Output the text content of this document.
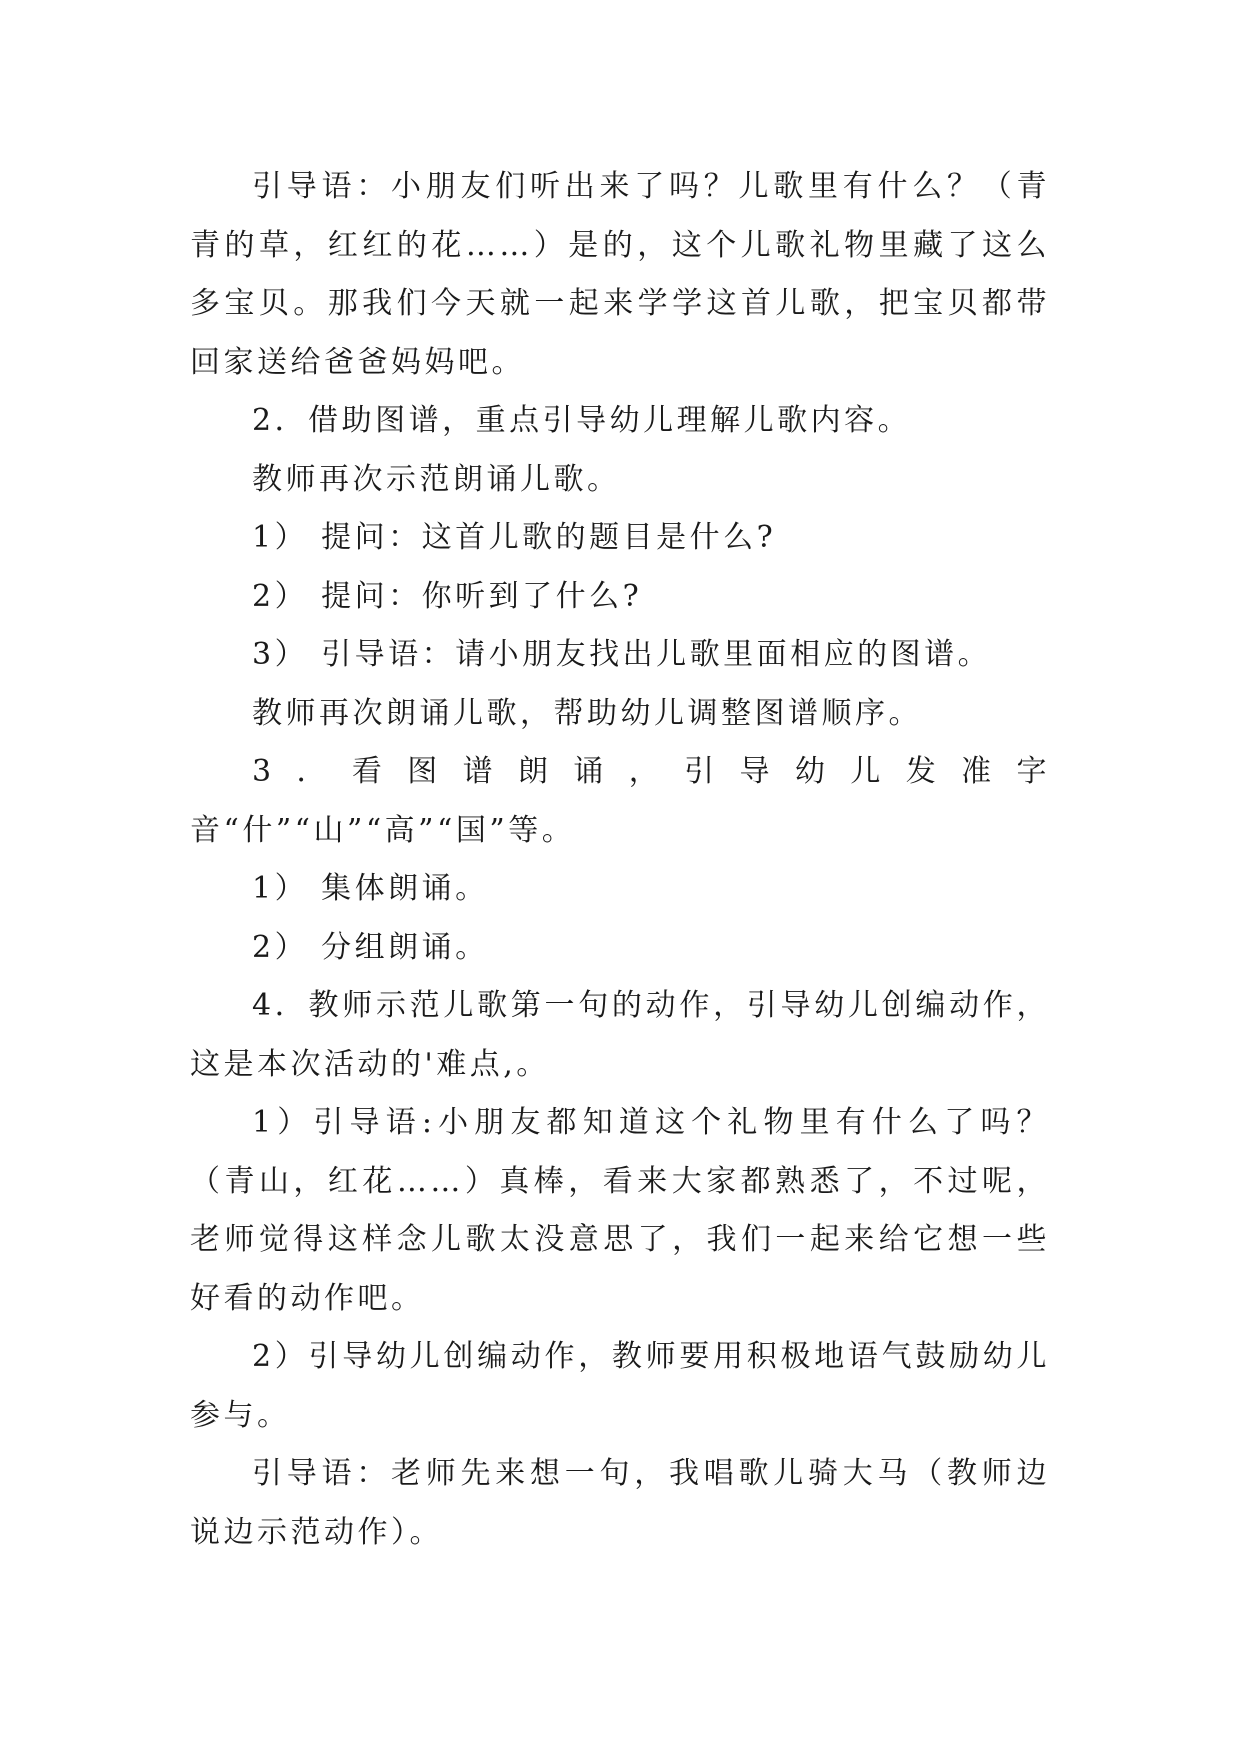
引导语：小朋友们听出来了吗？儿歌里有什么？（青青的草，红红的花……）是的，这个儿歌礼物里藏了这么多宝贝。那我们今天就一起来学学这首儿歌，把宝贝都带回家送给爸爸妈妈吧。

2．借助图谱，重点引导幼儿理解儿歌内容。

教师再次示范朗诵儿歌。

1） 提问：这首儿歌的题目是什么?

2） 提问：你听到了什么?

3） 引导语：请小朋友找出儿歌里面相应的图谱。

教师再次朗诵儿歌，帮助幼儿调整图谱顺序。

3．看图谱朗诵，引导幼儿发准字音“什”“山”“高”“国”等。

1） 集体朗诵。

2） 分组朗诵。

4．教师示范儿歌第一句的动作，引导幼儿创编动作，这是本次活动的'难点,。

1）引导语:小朋友都知道这个礼物里有什么了吗？（青山，红花……）真棒，看来大家都熟悉了，不过呢，老师觉得这样念儿歌太没意思了，我们一起来给它想一些好看的动作吧。

2）引导幼儿创编动作，教师要用积极地语气鼓励幼儿参与。

引导语：老师先来想一句，我唱歌儿骑大马（教师边说边示范动作）。
